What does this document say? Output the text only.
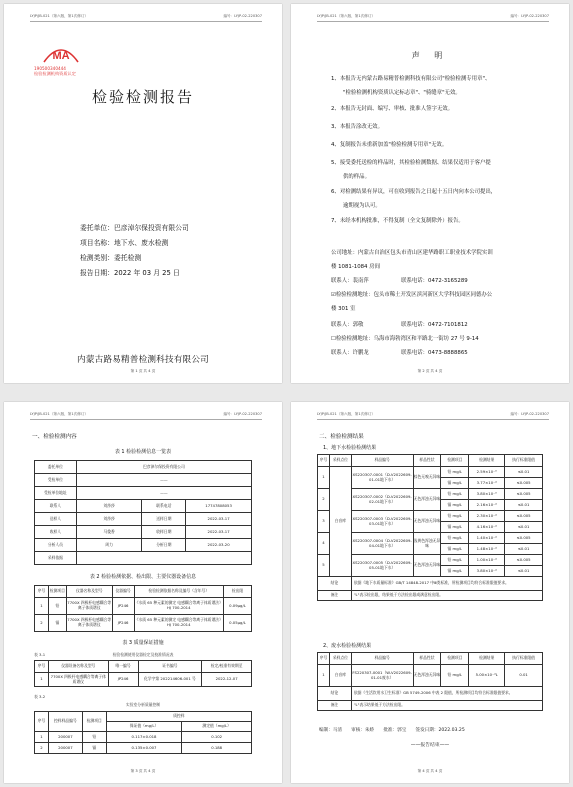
LYJP/JB-021（第六版，第1次修订）	编号：LYJP-02-220307
MA
190500340444
检验检测机构资质认定
检验检测报告
委托单位：巴彦淖尔保投资有限公司
项目名称：地下水、废水检测
检测类别：委托检测
报告日期：2022 年 03 月 25 日
内蒙古路易精普检测科技有限公司
第 1 页 共 4 页
LYJP/JB-021（第六版，第1次修订）	编号：LYJP-02-220307
声 明
1、本报告无内蒙古路易精普检测科技有限公司"检验检测专用章"、
"检验检测机构资质认定标志章"、"骑缝章"无效。
2、本报告无封面、编写、审核、批准人签字无效。
3、本报告涂改无效。
4、复制报告未重新加盖"检验检测专用章"无效。
5、接受委托送检的样品时，其检验检测数据、结果仅适用于客户提
供的样品。
6、对检测结果有异议，可在收到报告之日起十五日内向本公司提出，
逾期视为认可。
7、未经本机构批准，不得复制（全文复制除外）报告。
公司地址：内蒙古自治区包头市青山区建华路职工职业技术学院实训
楼 1081-1084 房间
联系人：裴南萍　　　　　　联系电话：0472-3165289
☑检验检测地址：包头市稀土开发区滨河新区大学科技园区同德办公
楼 301 室
联系人：郭敬　　　　　　　联系电话：0472-7101812
☐检验检测地址：乌海市海勃湾区和平路北一街坊 27 号 9-14
联系人：许鹏龙　　　　　　联系电话：0473-8888865
第 2 页 共 4 页
LYJP/JB-021（第六版，第1次修订）	编号：LYJP-02-220307
一、检验检测内容
表 1 检验检测信息一览表
委托单位	巴彦淖尔保投资有限公司		
受检单位	——		
受检单位地址	——		
联系人	刘莎莎	联系电话	17747808053
送样人	刘莎莎	送样日期	2022-03-17
收样人	马俊香	收样日期	2022-03-17
分析人员	周力	分析日期	2022-03-20
采样依据			
表 2 检验检测依据、检出限、主要仪器设备信息
序号	检测项目	仪器名称及型号	仪器编号	检验检测依据名称及编号（含年号）	检出限
1	铅	7700X 四极杆电感耦合等离子体质谱仪	JP246	《水质 65 种元素的测定 电感耦合等离子体质谱法》HJ 700-2014	0.09μg/L
2	镉	7700X 四极杆电感耦合等离子体质谱仪	JP246	《水质 65 种元素的测定 电感耦合等离子体质谱法》HJ 700-2014	0.05μg/L
表 3 质量保证措施
表 3-1	检验检测使用仪器检定及校准情况表
序号	仪器设备名称及型号	唯一编号	证书编号	检定/校准有效期至
1	7700X 四极杆电感耦合等离子体质谱仪	JP246	化学字第 202214606-001 号	2022-12-07
表 3-2
实验室分析质量控制
序号	控样样品编号	检测项目	质控样	
			保证值（mg/L）	测定值（mg/L）
1	200007	铅	0.117±0.018	0.102
2	200007	镉	0.135±0.007	0.188
第 3 页 共 4 页
LYJP/JB-021（第六版，第1次修订）	编号：LYJP-02-220307
二、检验检测结果
1、地下水检验检测结果
序号	采样点位	样品编号	样品性状	检测项目	检测结果	执行标准限值
1	白音库	XS220307-0001（D-V2022609-01-01地下水）	棕色无嗅无异味	铅 mg/L	2.59×10⁻³	≤0.01
				镉 mg/L	3.77×10⁻⁴	≤0.005
2		XS220307-0002（D-V2022609-02-01地下水）	无色浑浊无异味	铅 mg/L	3.80×10⁻³	≤0.005
				镉 mg/L	2.16×10⁻⁴	≤0.01
3		XS220307-0003（D-V2022609-03-01地下水）	无色浑浊无异味	铅 mg/L	2.30×10⁻⁴	≤0.005
				镉 mg/L	4.16×10⁻⁴	≤0.01
4		XS220307-0004（D-V2022609-04-01地下水）	浅黄色浑浊无异味	铅 mg/L	1.40×10⁻⁴	≤0.005
				镉 mg/L	1.48×10⁻⁴	≤0.01
5		XS220307-0005（D-V2022609-05-01地下水）	无色浑浊无异味	铅 mg/L	1.00×10⁻⁴	≤0.005
				镉 mg/L	3.80×10⁻⁴	≤0.01
结论		依据《地下水质量标准》GB/T 14848-2017 中Ⅲ类标准，所检测项目均符合标准限值要求。				
备注		"L"表示检出限，结果低于方法检出限或满意检出限。				
2、废水检验检测结果
序号	采样点位	样品编号	样品性状	检测项目	检测结果	执行标准限值
1	白音库	FS220307-0001（W-V2022609-01-01废水）	无色浑浊无异味	铅 mg/L	5.00×10⁻⁴L	0.01
结论		依据《生活饮用水卫生标准》GB 5749-2006 中表 2 限值，所检测项目均符合标准限值要求。				
备注		"L"表示结果低于方法检出限。				
编制：马清　　审核：朱娇　　批准：郭宝　　签发日期：2022.03.25
——报告结束——
第 4 页 共 4 页
